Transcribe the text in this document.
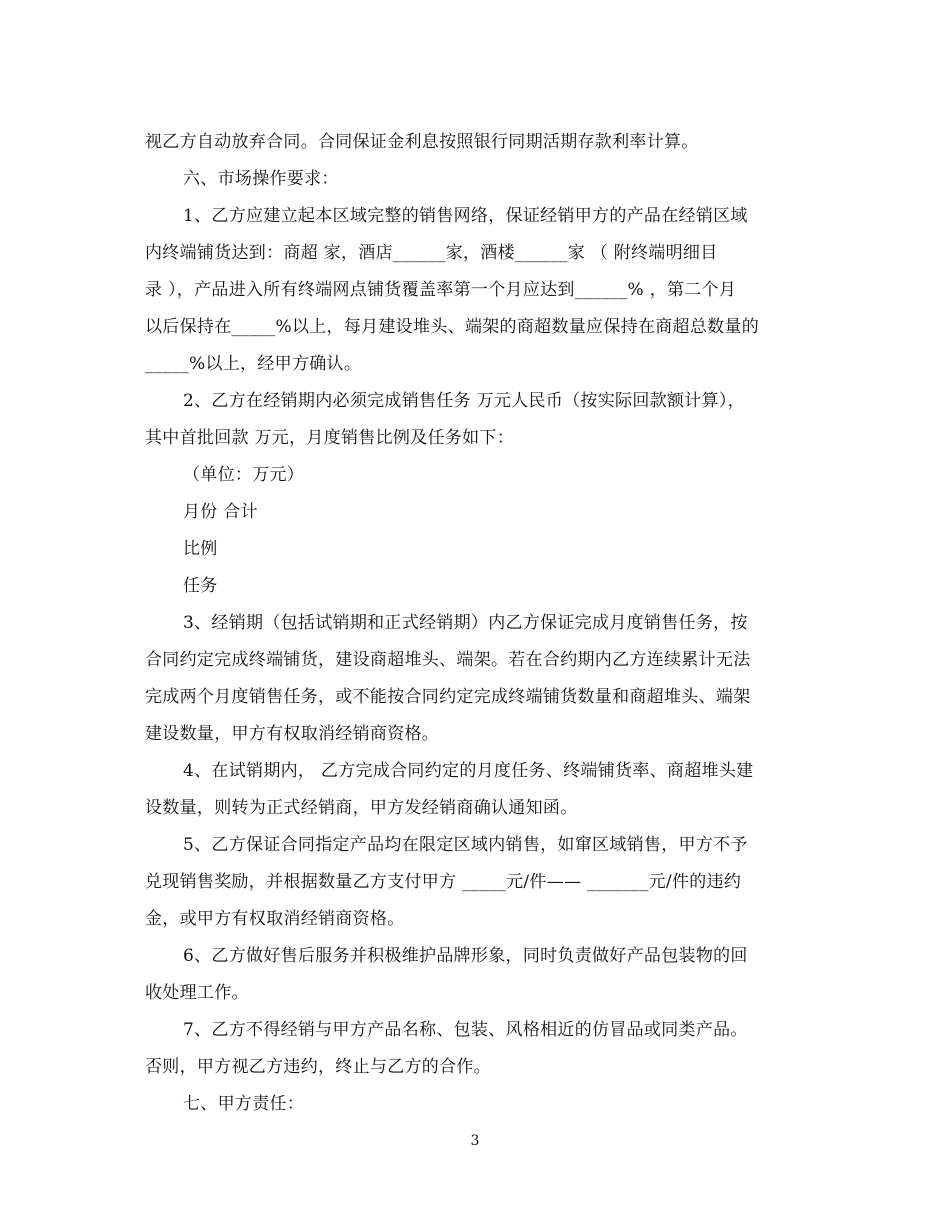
视乙方自动放弃合同。合同保证金利息按照银行同期活期存款利率计算。
六、市场操作要求：
1、乙方应建立起本区域完整的销售网络，保证经销甲方的产品在经销区域
内终端铺货达到：商超 家，酒店______家，酒楼______家 （ 附终端明细目
录 ），产品进入所有终端网点铺货覆盖率第一个月应达到______% ，第二个月
以后保持在_____%以上，每月建设堆头、端架的商超数量应保持在商超总数量的
_____%以上，经甲方确认。
2、乙方在经销期内必须完成销售任务 万元人民币（按实际回款额计算），
其中首批回款 万元，月度销售比例及任务如下：
（单位：万元）
月份 合计
比例
任务
3、经销期（包括试销期和正式经销期）内乙方保证完成月度销售任务，按
合同约定完成终端铺货，建设商超堆头、端架。若在合约期内乙方连续累计无法
完成两个月度销售任务，或不能按合同约定完成终端铺货数量和商超堆头、端架
建设数量，甲方有权取消经销商资格。
4、在试销期内， 乙方完成合同约定的月度任务、终端铺货率、商超堆头建
设数量，则转为正式经销商，甲方发经销商确认通知函。
5、乙方保证合同指定产品均在限定区域内销售，如窜区域销售，甲方不予
兑现销售奖励，并根据数量乙方支付甲方 _____元/件—— _______元/件的违约
金，或甲方有权取消经销商资格。
6、乙方做好售后服务并积极维护品牌形象，同时负责做好产品包装物的回
收处理工作。
7、乙方不得经销与甲方产品名称、包装、风格相近的仿冒品或同类产品。
否则，甲方视乙方违约，终止与乙方的合作。
七、甲方责任：
3
